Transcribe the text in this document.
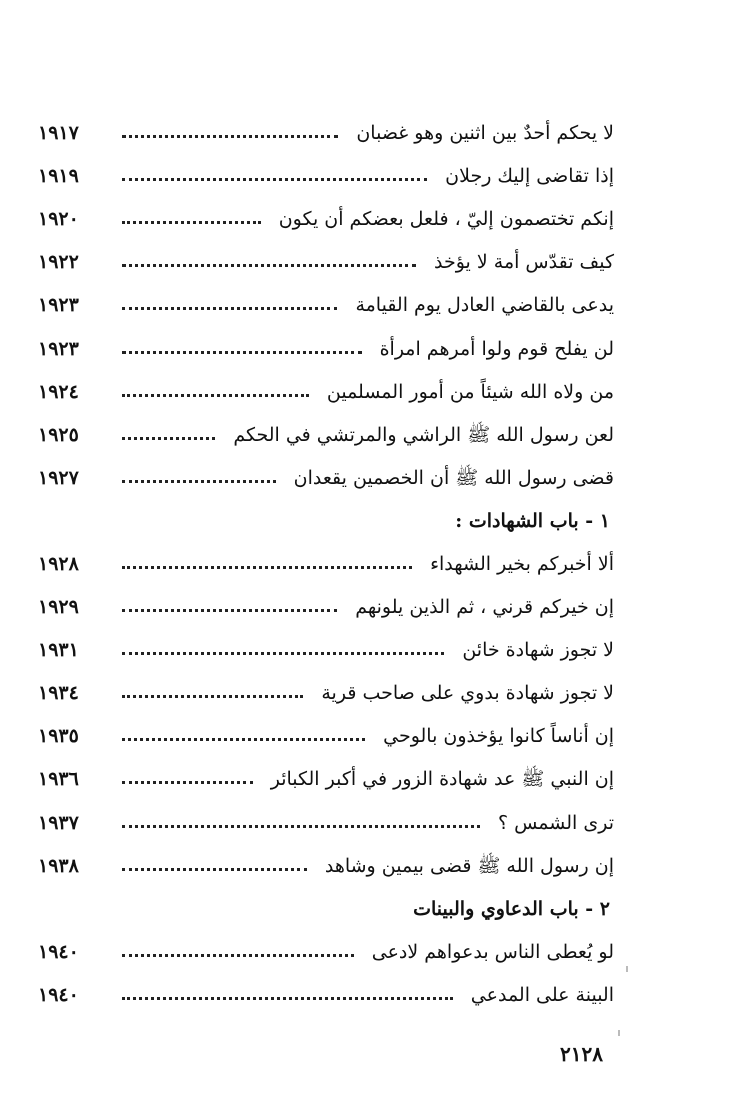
لا يحكم أحدٌ بين اثنين وهو غضبان
١٩١٧
إذا تقاضى إليك رجلان
١٩١٩
إنكم تختصمون إليّ ، فلعل بعضكم أن يكون
١٩٢٠
كيف تقدّس أمة لا يؤخذ
١٩٢٢
يدعى بالقاضي العادل يوم القيامة
١٩٢٣
لن يفلح قوم ولوا أمرهم امرأة
١٩٢٣
من ولاه الله شيئاً من أمور المسلمين
١٩٢٤
لعن رسول الله ﷺ الراشي والمرتشي في الحكم
١٩٢٥
قضى رسول الله ﷺ أن الخصمين يقعدان
١٩٢٧
١ - باب الشهادات :
ألا أخبركم بخير الشهداء
١٩٢٨
إن خيركم قرني ، ثم الذين يلونهم
١٩٢٩
لا تجوز شهادة خائن
١٩٣١
لا تجوز شهادة بدوي على صاحب قرية
١٩٣٤
إن أناساً كانوا يؤخذون بالوحي
١٩٣٥
إن النبي ﷺ عد شهادة الزور في أكبر الكبائر
١٩٣٦
ترى الشمس ؟
١٩٣٧
إن رسول الله ﷺ قضى بيمين وشاهد
١٩٣٨
٢ - باب الدعاوي والبينات
لو يُعطى الناس بدعواهم لادعى
١٩٤٠
البينة على المدعي
١٩٤٠
٢١٢٨
